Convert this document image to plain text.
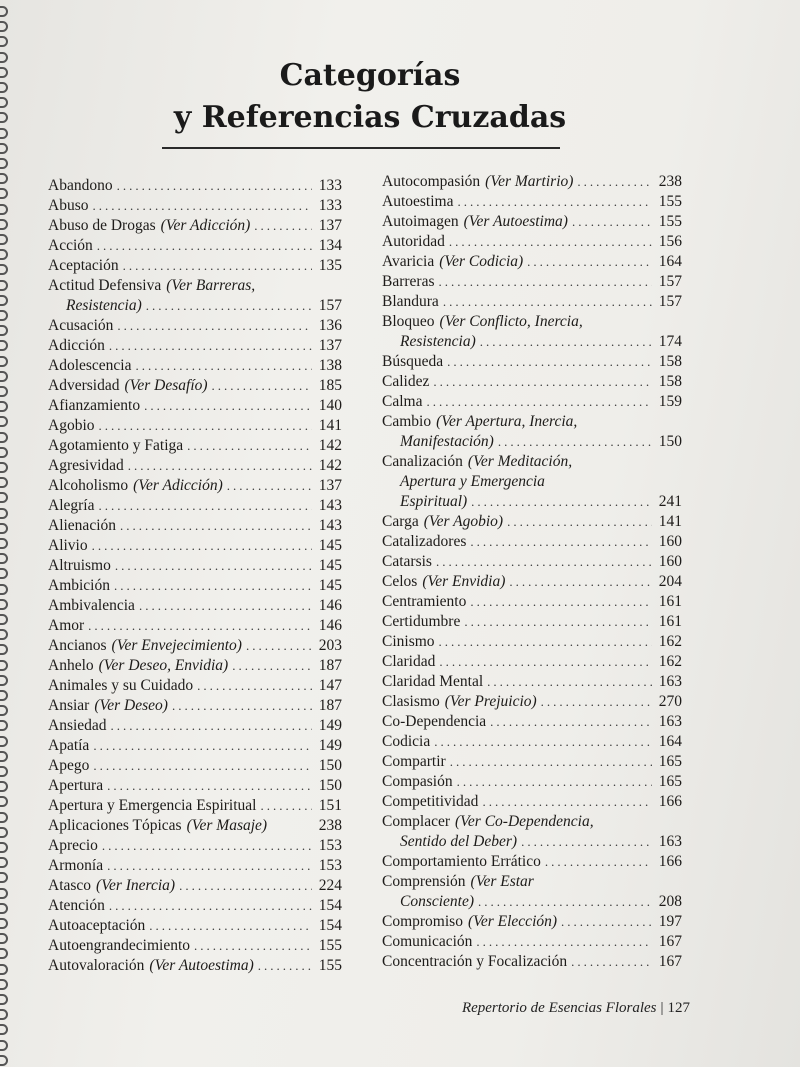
Categorías
y Referencias Cruzadas
Abandono .....	133
Abuso .....	133
Abuso de Drogas (Ver Adicción) .....	137
Acción .....	134
Aceptación .....	135
Actitud Defensiva (Ver Barreras,
Resistencia) .....	157
Acusación .....	136
Adicción .....	137
Adolescencia .....	138
Adversidad (Ver Desafío) .....	185
Afianzamiento .....	140
Agobio .....	141
Agotamiento y Fatiga .....	142
Agresividad .....	142
Alcoholismo (Ver Adicción) .....	137
Alegría .....	143
Alienación .....	143
Alivio .....	145
Altruismo .....	145
Ambición .....	145
Ambivalencia .....	146
Amor .....	146
Ancianos (Ver Envejecimiento) .....	203
Anhelo (Ver Deseo, Envidia) .....	187
Animales y su Cuidado .....	147
Ansiar (Ver Deseo) .....	187
Ansiedad .....	149
Apatía .....	149
Apego .....	150
Apertura .....	150
Apertura y Emergencia Espiritual .....	151
Aplicaciones Tópicas (Ver Masaje)	238
Aprecio .....	153
Armonía .....	153
Atasco (Ver Inercia) .....	224
Atención .....	154
Autoaceptación .....	154
Autoengrandecimiento .....	155
Autovaloración (Ver Autoestima) .....	155
Autocompasión (Ver Martirio) .....	238
Autoestima .....	155
Autoimagen (Ver Autoestima) .....	155
Autoridad .....	156
Avaricia (Ver Codicia) .....	164
Barreras .....	157
Blandura .....	157
Bloqueo (Ver Conflicto, Inercia,
Resistencia) .....	174
Búsqueda .....	158
Calidez .....	158
Calma .....	159
Cambio (Ver Apertura, Inercia,
Manifestación) .....	150
Canalización (Ver Meditación,
Apertura y Emergencia
Espiritual) .....	241
Carga (Ver Agobio) .....	141
Catalizadores .....	160
Catarsis .....	160
Celos (Ver Envidia) .....	204
Centramiento .....	161
Certidumbre .....	161
Cinismo .....	162
Claridad .....	162
Claridad Mental .....	163
Clasismo (Ver Prejuicio) .....	270
Co-Dependencia .....	163
Codicia .....	164
Compartir .....	165
Compasión .....	165
Competitividad .....	166
Complacer (Ver Co-Dependencia,
Sentido del Deber) .....	163
Comportamiento Errático .....	166
Comprensión (Ver Estar
Consciente) .....	208
Compromiso (Ver Elección) .....	197
Comunicación .....	167
Concentración y Focalización .....	167
Repertorio de Esencias Florales | 127
